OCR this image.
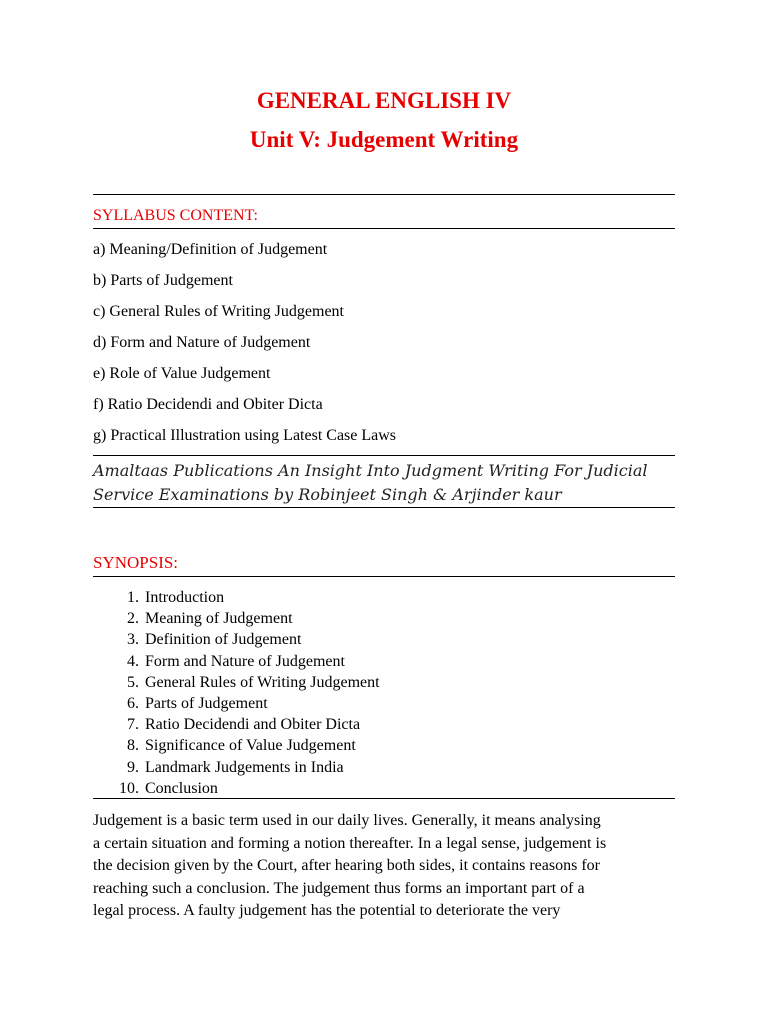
GENERAL ENGLISH IV
Unit V: Judgement Writing
SYLLABUS CONTENT:
a) Meaning/Definition of Judgement
b) Parts of Judgement
c) General Rules of Writing Judgement
d) Form and Nature of Judgement
e) Role of Value Judgement
f) Ratio Decidendi and Obiter Dicta
g) Practical Illustration using Latest Case Laws
Amaltaas Publications An Insight Into Judgment Writing For Judicial
Service Examinations by Robinjeet Singh & Arjinder kaur
SYNOPSIS:
1. Introduction
2. Meaning of Judgement
3. Definition of Judgement
4. Form and Nature of Judgement
5. General Rules of Writing Judgement
6. Parts of Judgement
7. Ratio Decidendi and Obiter Dicta
8. Significance of Value Judgement
9. Landmark Judgements in India
10. Conclusion
Judgement is a basic term used in our daily lives. Generally, it means analysing
a certain situation and forming a notion thereafter. In a legal sense, judgement is
the decision given by the Court, after hearing both sides, it contains reasons for
reaching such a conclusion. The judgement thus forms an important part of a
legal process. A faulty judgement has the potential to deteriorate the very
